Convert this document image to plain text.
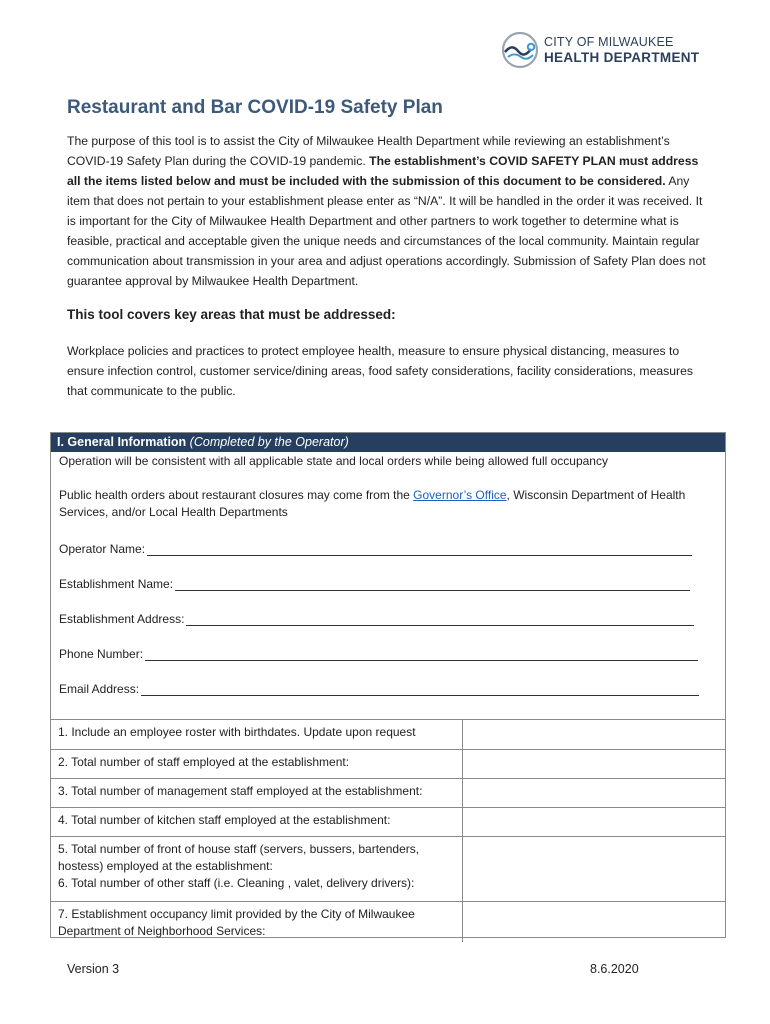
CITY OF MILWAUKEE
HEALTH DEPARTMENT
Restaurant and Bar COVID-19 Safety Plan

The purpose of this tool is to assist the City of Milwaukee Health Department while reviewing an establishment’s COVID-19 Safety Plan during the COVID-19 pandemic. The establishment’s COVID SAFETY PLAN must address all the items listed below and must be included with the submission of this document to be considered. Any item that does not pertain to your establishment please enter as “N/A”. It will be handled in the order it was received. It is important for the City of Milwaukee Health Department and other partners to work together to determine what is feasible, practical and acceptable given the unique needs and circumstances of the local community. Maintain regular communication about transmission in your area and adjust operations accordingly. Submission of Safety Plan does not guarantee approval by Milwaukee Health Department.

This tool covers key areas that must be addressed:

Workplace policies and practices to protect employee health, measure to ensure physical distancing, measures to ensure infection control, customer service/dining areas, food safety considerations, facility considerations, measures that communicate to the public.

I. General Information (Completed by the Operator)

Operation will be consistent with all applicable state and local orders while being allowed full occupancy

Public health orders about restaurant closures may come from the Governor’s Office, Wisconsin Department of Health Services, and/or Local Health Departments

Operator Name:
Establishment Name:
Establishment Address:
Phone Number:
Email Address:
1. Include an employee roster with birthdates. Update upon request
2. Total number of staff employed at the establishment:
3. Total number of management staff employed at the establishment:
4. Total number of kitchen staff employed at the establishment:
5. Total number of front of house staff (servers, bussers, bartenders, hostess) employed at the establishment:
6. Total number of other staff (i.e. Cleaning , valet, delivery drivers):
7. Establishment occupancy limit provided by the City of Milwaukee Department of Neighborhood Services:
Version 3	8.6.2020
